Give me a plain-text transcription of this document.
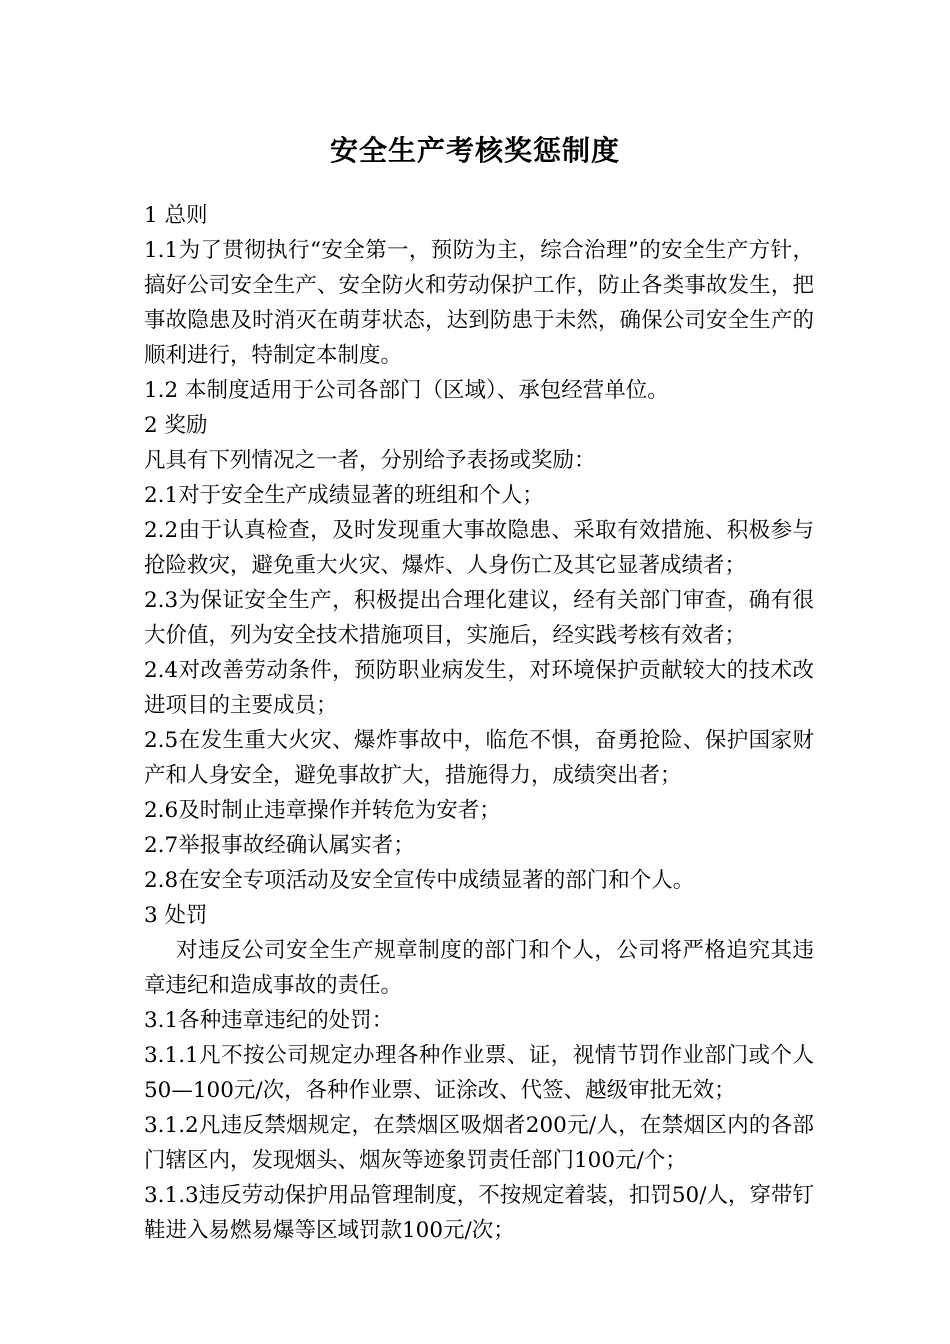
安全生产考核奖惩制度

1 总则

1.1为了贯彻执行“安全第一，预防为主，综合治理”的安全生产方针，搞好公司安全生产、安全防火和劳动保护工作，防止各类事故发生，把事故隐患及时消灭在萌芽状态，达到防患于未然，确保公司安全生产的顺利进行，特制定本制度。

1.2 本制度适用于公司各部门（区域）、承包经营单位。

2 奖励

凡具有下列情况之一者，分别给予表扬或奖励：

2.1对于安全生产成绩显著的班组和个人；

2.2由于认真检查，及时发现重大事故隐患、采取有效措施、积极参与抢险救灾，避免重大火灾、爆炸、人身伤亡及其它显著成绩者；

2.3为保证安全生产，积极提出合理化建议，经有关部门审查，确有很大价值，列为安全技术措施项目，实施后，经实践考核有效者；

2.4对改善劳动条件，预防职业病发生，对环境保护贡献较大的技术改进项目的主要成员；

2.5在发生重大火灾、爆炸事故中，临危不惧，奋勇抢险、保护国家财产和人身安全，避免事故扩大，措施得力，成绩突出者；

2.6及时制止违章操作并转危为安者；

2.7举报事故经确认属实者；

2.8在安全专项活动及安全宣传中成绩显著的部门和个人。

3 处罚

对违反公司安全生产规章制度的部门和个人，公司将严格追究其违章违纪和造成事故的责任。

3.1各种违章违纪的处罚：

3.1.1凡不按公司规定办理各种作业票、证，视情节罚作业部门或个人50—100元/次，各种作业票、证涂改、代签、越级审批无效；

3.1.2凡违反禁烟规定，在禁烟区吸烟者200元/人，在禁烟区内的各部门辖区内，发现烟头、烟灰等迹象罚责任部门100元/个；

3.1.3违反劳动保护用品管理制度，不按规定着装，扣罚50/人，穿带钉鞋进入易燃易爆等区域罚款100元/次；
